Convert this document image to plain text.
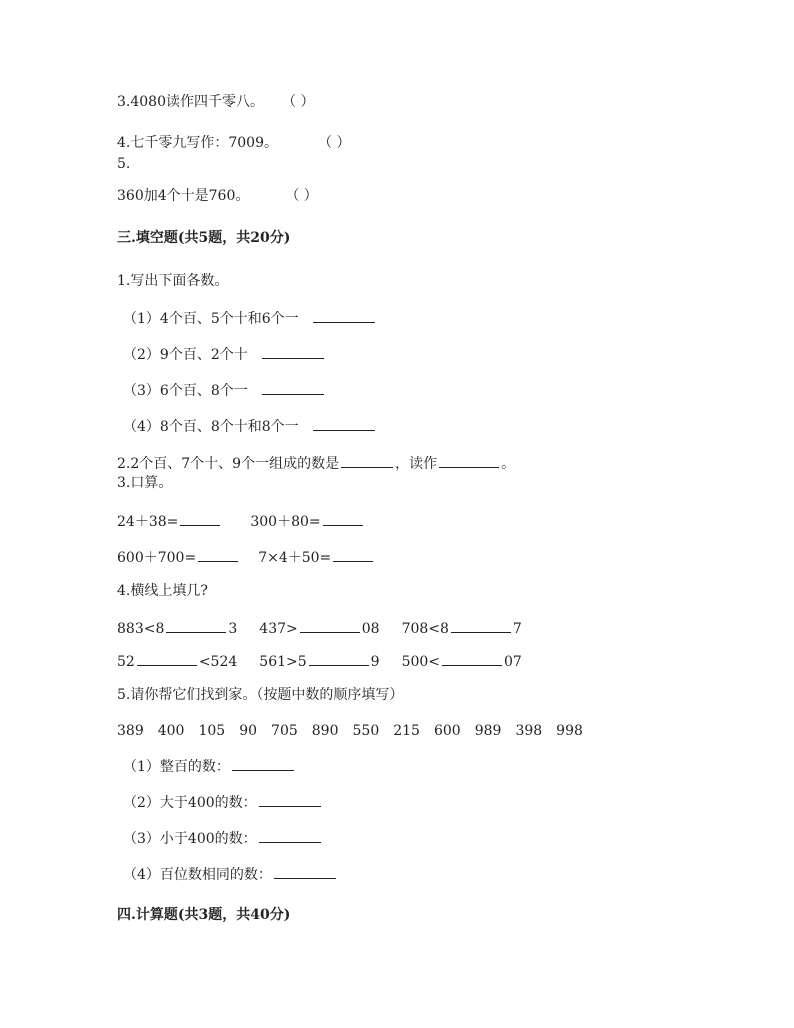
3.4080读作四千零八。 （ ）
4.七千零九写作：7009。	（ ）
5.
360加4个十是760。	（ ）
三.填空题(共5题，共20分)
1.写出下面各数。
（1）4个百、5个十和6个一
（2）9个百、2个十
（3）6个百、8个一
（4）8个百、8个十和8个一
2.2个百、7个十、9个一组成的数是	，读作	。
3.口算。
24＋38=	300＋80=
600＋700=	7×4＋50=
4.横线上填几?
883<8	3 437>	08 708<8	7
52	<524 561>5	9 500<	07
5.请你帮它们找到家。（按题中数的顺序填写）
389 400 105 90 705 890 550 215 600 989 398 998
（1）整百的数：
（2）大于400的数：
（3）小于400的数：
（4）百位数相同的数：
四.计算题(共3题，共40分)
